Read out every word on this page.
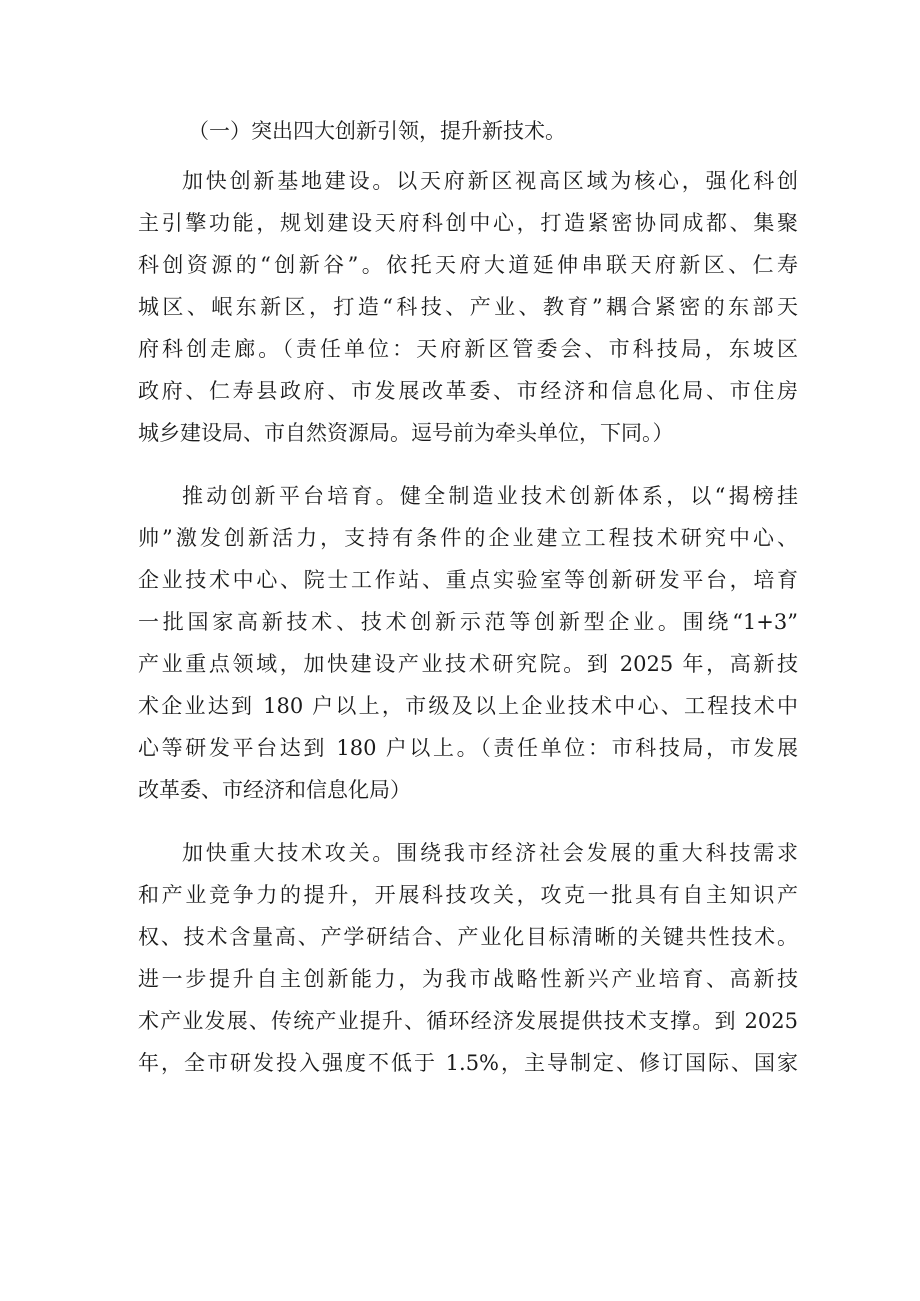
（一）突出四大创新引领，提升新技术。

加快创新基地建设。以天府新区视高区域为核心，强化科创

主引擎功能，规划建设天府科创中心，打造紧密协同成都、集聚

科创资源的“创新谷”。依托天府大道延伸串联天府新区、仁寿

城区、岷东新区，打造“科技、产业、教育”耦合紧密的东部天

府科创走廊。（责任单位：天府新区管委会、市科技局，东坡区

政府、仁寿县政府、市发展改革委、市经济和信息化局、市住房

城乡建设局、市自然资源局。逗号前为牵头单位，下同。）

推动创新平台培育。健全制造业技术创新体系，以“揭榜挂

帅”激发创新活力，支持有条件的企业建立工程技术研究中心、

企业技术中心、院士工作站、重点实验室等创新研发平台，培育

一批国家高新技术、技术创新示范等创新型企业。围绕“1+3”

产业重点领域，加快建设产业技术研究院。到 2025 年，高新技

术企业达到 180 户以上，市级及以上企业技术中心、工程技术中

心等研发平台达到 180 户以上。（责任单位：市科技局，市发展

改革委、市经济和信息化局）

加快重大技术攻关。围绕我市经济社会发展的重大科技需求

和产业竞争力的提升，开展科技攻关，攻克一批具有自主知识产

权、技术含量高、产学研结合、产业化目标清晰的关键共性技术。

进一步提升自主创新能力，为我市战略性新兴产业培育、高新技

术产业发展、传统产业提升、循环经济发展提供技术支撑。到 2025

年，全市研发投入强度不低于 1.5%，主导制定、修订国际、国家
